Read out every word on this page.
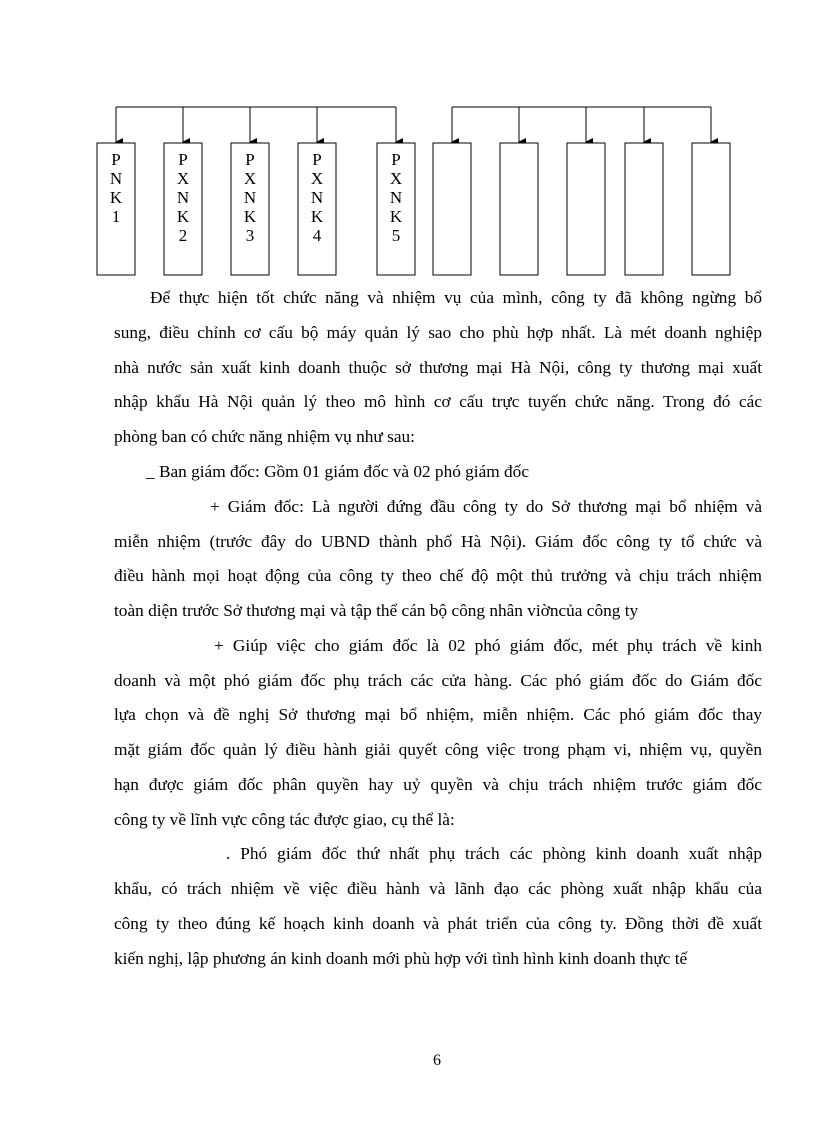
P
N
K
1
P
X
N
K
2
P
X
N
K
3
P
X
N
K
4
P
X
N
K
5
Để thực hiện tốt chức năng và nhiệm vụ của mình, công ty đã không ngừng bổ
sung, điều chỉnh cơ cấu bộ máy quản lý sao cho phù hợp nhất. Là mét doanh nghiệp
nhà nước sản xuất kinh doanh thuộc sở thương mại Hà Nội, công ty thương mại xuất
nhập khẩu Hà Nội quản lý theo mô hình cơ cấu trực tuyến chức năng. Trong đó các
phòng ban có chức năng nhiệm vụ như sau:
_ Ban giám đốc: Gồm 01 giám đốc và 02 phó giám đốc
+ Giám đốc: Là người đứng đầu công ty do Sở thương mại bổ nhiệm và
miễn nhiệm (trước đây do UBND thành phố Hà Nội). Giám đốc công ty tổ chức và
điều hành mọi hoạt động của công ty theo chế độ một thủ trưởng và chịu trách nhiệm
toàn diện trước Sở thương mại và tập thể cán bộ công nhân viờncủa công ty
+ Giúp việc cho giám đốc là 02 phó giám đốc, mét phụ trách về kinh
doanh và một phó giám đốc phụ trách các cửa hàng. Các phó giám đốc do Giám đốc
lựa chọn và đề nghị Sở thương mại bổ nhiệm, miễn nhiệm. Các phó giám đốc thay
mặt giám đốc quản lý điều hành giải quyết công việc trong phạm vi, nhiệm vụ, quyền
hạn được giám đốc phân quyền hay uỷ quyền và chịu trách nhiệm trước giám đốc
công ty về lĩnh vực công tác được giao, cụ thể là:
. Phó giám đốc thứ nhất phụ trách các phòng kinh doanh xuất nhập
khẩu, có trách nhiệm về việc điều hành và lãnh đạo các phòng xuất nhập khẩu của
công ty theo đúng kế hoạch kinh doanh và phát triển của công ty. Đồng thời đề xuất
kiến nghị, lập phương án kinh doanh mới phù hợp với tình hình kinh doanh thực tế
6
